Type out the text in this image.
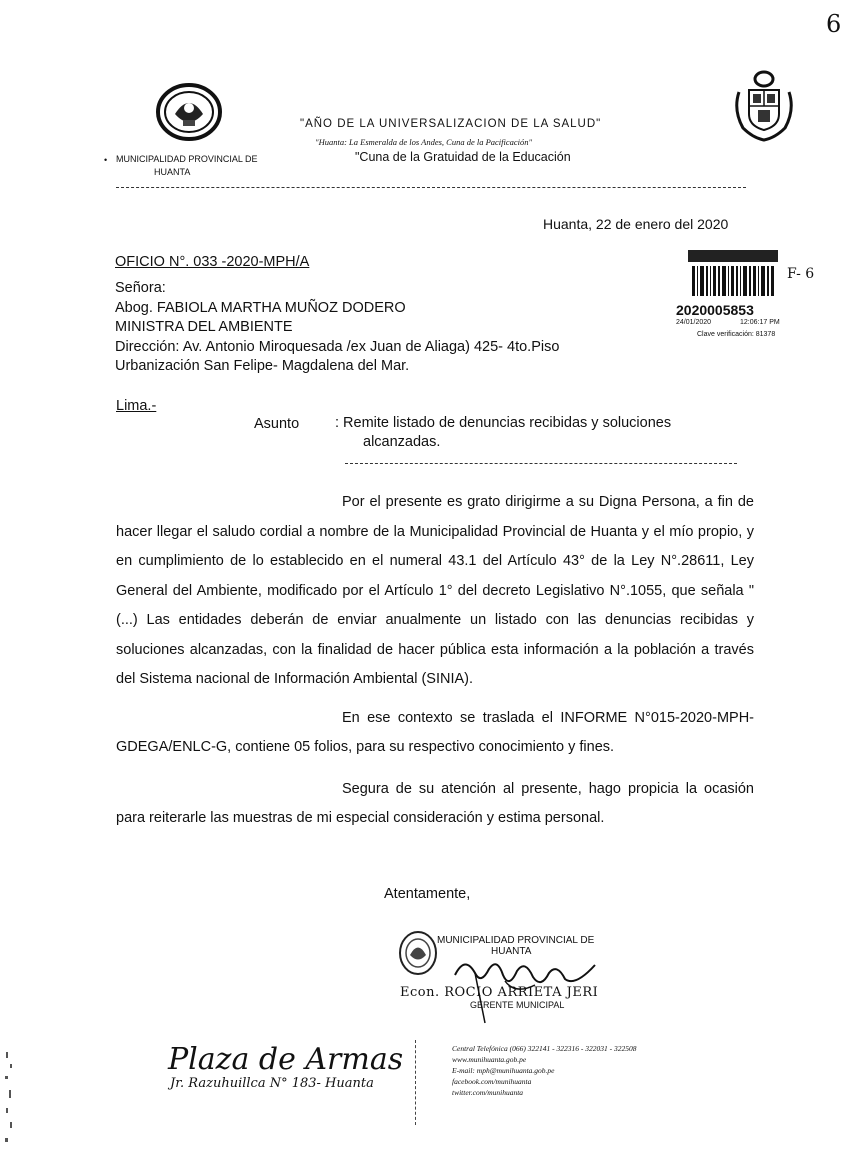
6
"AÑO DE LA UNIVERSALIZACION DE LA SALUD"
"Huanta: La Esmeralda de los Andes, Cuna de la Pacificación"
"Cuna de la Gratuidad de la Educación
• MUNICIPALIDAD PROVINCIAL DE
HUANTA
Huanta, 22 de enero del 2020
OFICIO N°. 033 -2020-MPH/A
F- 6
2020005853
24/01/2020	12:06:17 PM
Clave verificación: 81378
Señora:
Abog. FABIOLA MARTHA MUÑOZ DODERO
MINISTRA DEL AMBIENTE
Dirección: Av. Antonio Miroquesada /ex Juan de Aliaga) 425- 4to.Piso
Urbanización San Felipe- Magdalena del Mar.
Lima.-
Asunto : Remite listado de denuncias recibidas y soluciones
alcanzadas.

Por el presente es grato dirigirme a su Digna Persona, a fin de hacer llegar el saludo cordial a nombre de la Municipalidad Provincial de Huanta y el mío propio, y en cumplimiento de lo establecido en el numeral 43.1 del Artículo 43° de la Ley N°.28611, Ley General del Ambiente, modificado por el Artículo 1° del decreto Legislativo N°.1055, que señala "(...) Las entidades deberán de enviar anualmente un listado con las denuncias recibidas y soluciones alcanzadas, con la finalidad de hacer pública esta información a la población a través del Sistema nacional de Información Ambiental (SINIA).

En ese contexto se traslada el INFORME N°015-2020-MPH-GDEGA/ENLC-G, contiene 05 folios, para su respectivo conocimiento y fines.

Segura de su atención al presente, hago propicia la ocasión para reiterarle las muestras de mi especial consideración y estima personal.

Atentamente,
MUNICIPALIDAD PROVINCIAL DE
HUANTA
Econ. ROCIO ARRIETA JERI
GERENTE MUNICIPAL
Plaza de Armas
Jr. Razuhuillca N° 183- Huanta
Central Telefónica (066) 322141 - 322316 - 322031 - 322508
www.munihuanta.gob.pe
E-mail: mph@munihuanta.gob.pe
facebook.com/munihuanta
twitter.com/munihuanta
